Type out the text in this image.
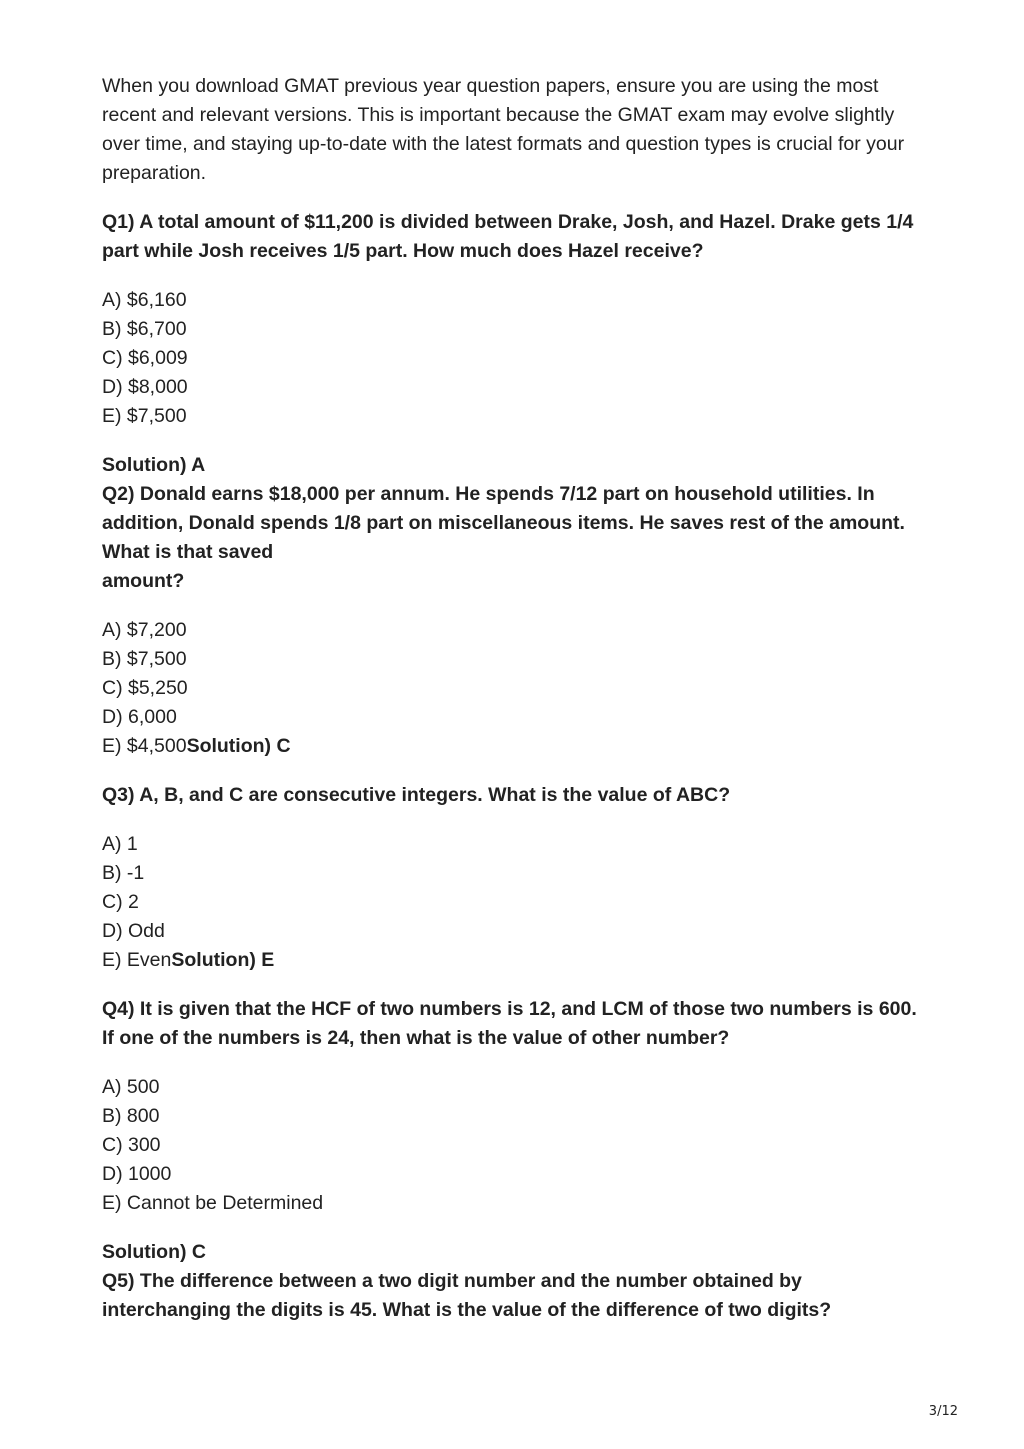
When you download GMAT previous year question papers, ensure you are using the most recent and relevant versions. This is important because the GMAT exam may evolve slightly over time, and staying up-to-date with the latest formats and question types is crucial for your preparation.

Q1) A total amount of $11,200 is divided between Drake, Josh, and Hazel. Drake gets 1/4 part while Josh receives 1/5 part. How much does Hazel receive?

A) $6,160
B) $6,700
C) $6,009
D) $8,000
E) $7,500

Solution) A

Q2) Donald earns $18,000 per annum. He spends 7/12 part on household utilities. In addition, Donald spends 1/8 part on miscellaneous items. He saves rest of the amount. What is that saved
amount?

A) $7,200
B) $7,500
C) $5,250
D) 6,000
E) $4,500Solution) C

Q3) A, B, and C are consecutive integers. What is the value of ABC?

A) 1
B) -1
C) 2
D) Odd
E) EvenSolution) E

Q4) It is given that the HCF of two numbers is 12, and LCM of those two numbers is 600. If one of the numbers is 24, then what is the value of other number?

A) 500
B) 800
C) 300
D) 1000
E) Cannot be Determined

Solution) C

Q5) The difference between a two digit number and the number obtained by interchanging the digits is 45. What is the value of the difference of two digits?

3/12
